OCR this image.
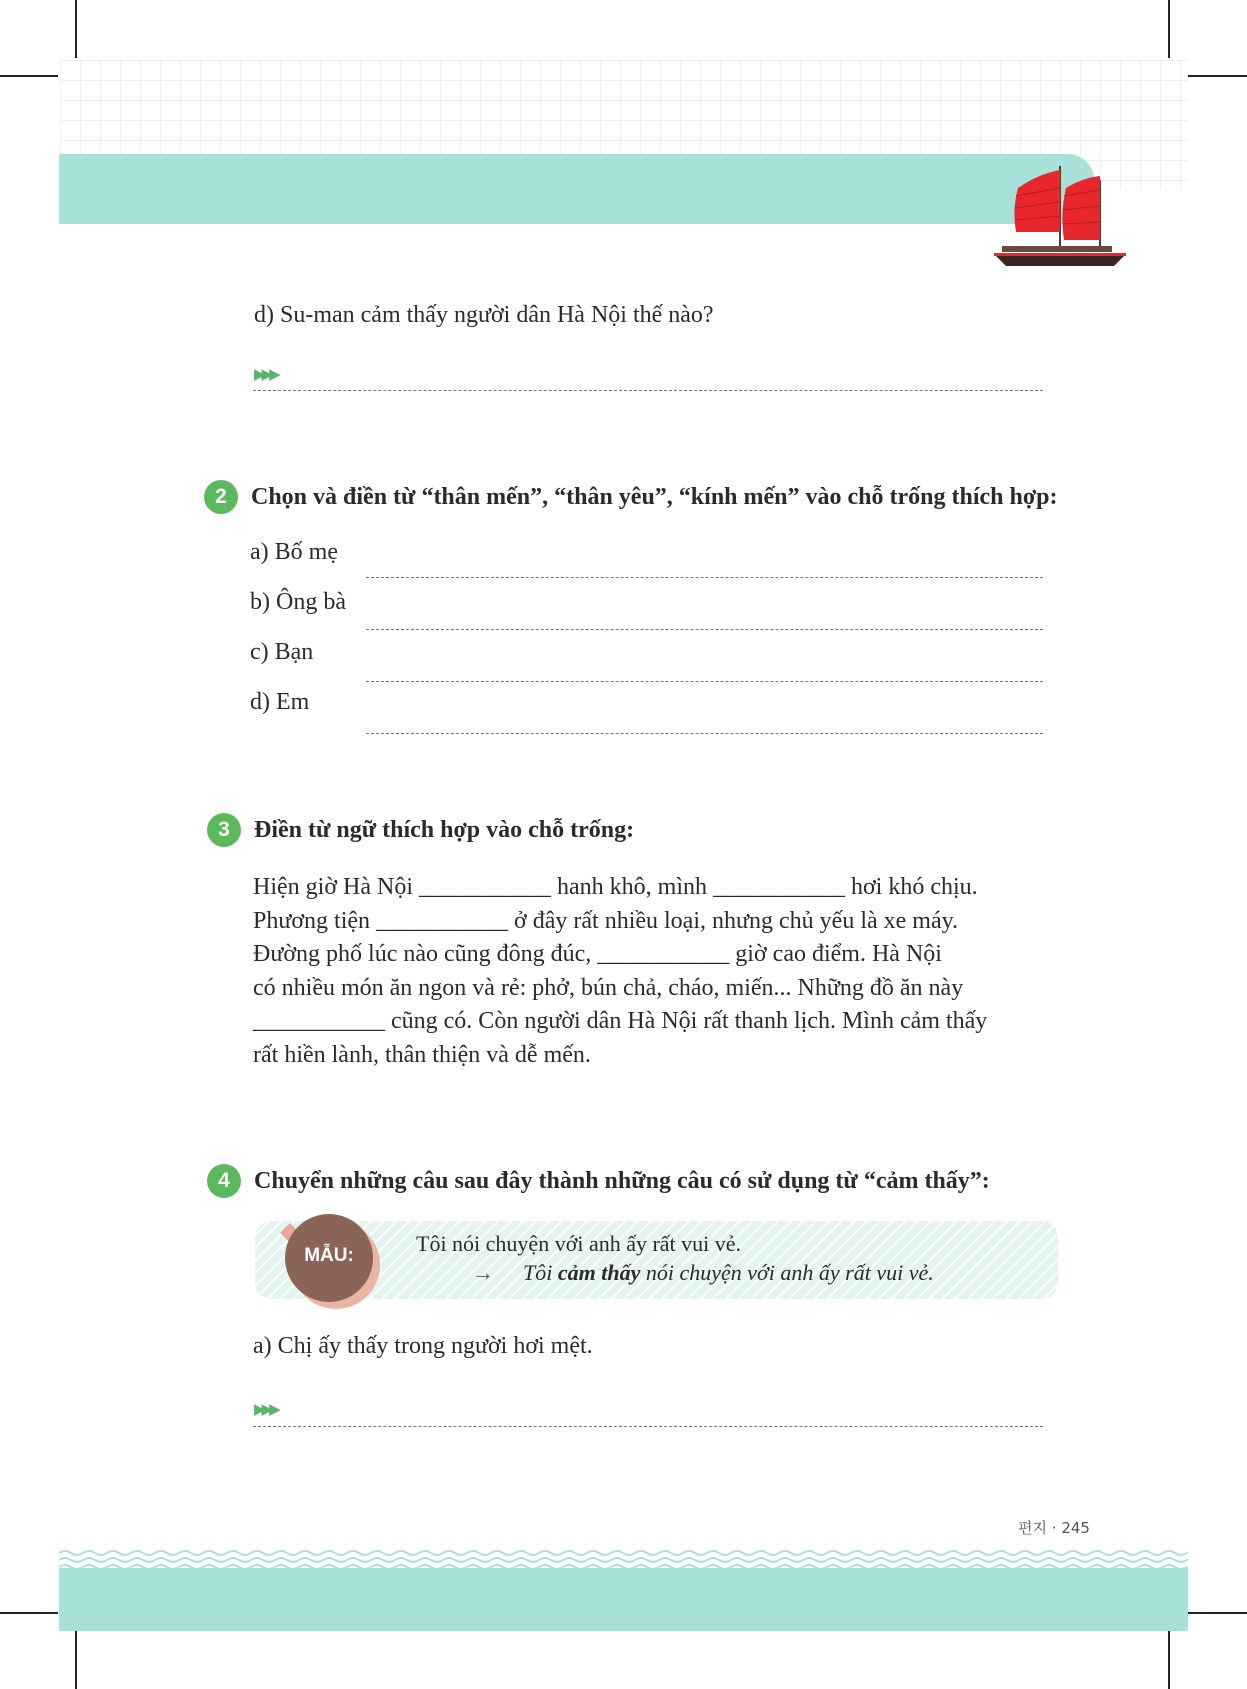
d) Su-man cảm thấy người dân Hà Nội thế nào?
▶▶▶
2	Chọn và điền từ “thân mến”, “thân yêu”, “kính mến” vào chỗ trống thích hợp:
a) Bố mẹ
b) Ông bà
c) Bạn
d) Em
3	Điền từ ngữ thích hợp vào chỗ trống:
Hiện giờ Hà Nội ___________ hanh khô, mình ___________ hơi khó chịu.
Phương tiện ___________ ở đây rất nhiều loại, nhưng chủ yếu là xe máy.
Đường phố lúc nào cũng đông đúc, ___________ giờ cao điểm. Hà Nội
có nhiều món ăn ngon và rẻ: phở, bún chả, cháo, miến... Những đồ ăn này
___________ cũng có. Còn người dân Hà Nội rất thanh lịch. Mình cảm thấy
rất hiền lành, thân thiện và dễ mến.
4	Chuyển những câu sau đây thành những câu có sử dụng từ “cảm thấy”:
MẪU:	Tôi nói chuyện với anh ấy rất vui vẻ.
→ Tôi cảm thấy nói chuyện với anh ấy rất vui vẻ.
a) Chị ấy thấy trong người hơi mệt.
▶▶▶
편지 · 245
